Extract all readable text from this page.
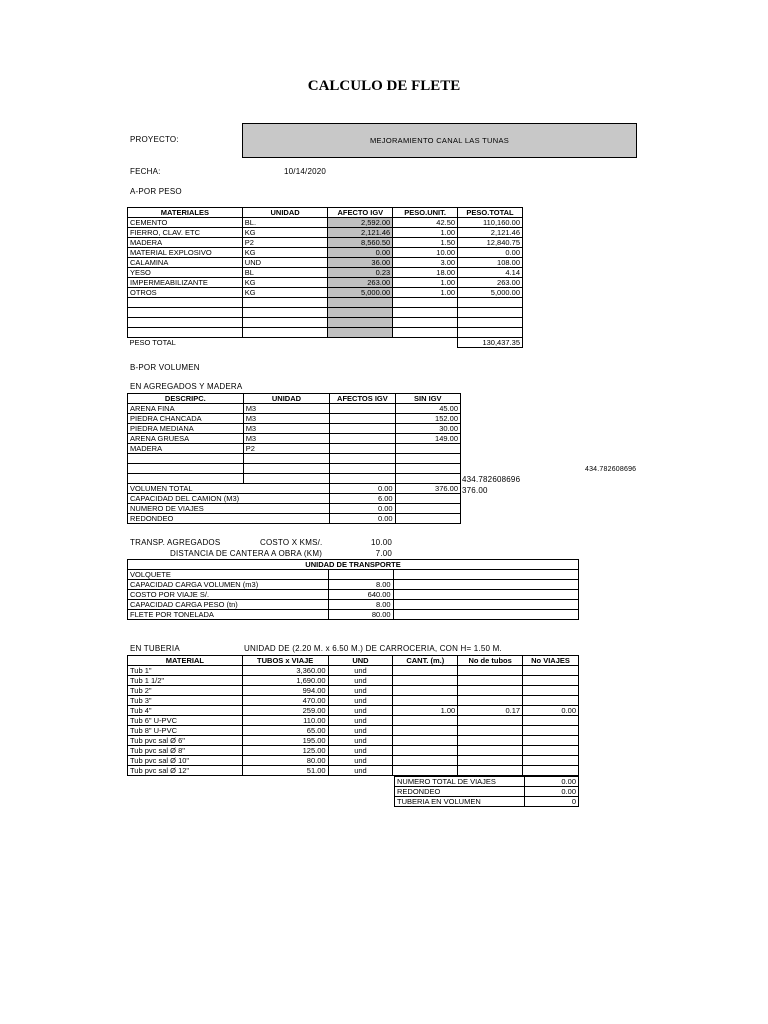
CALCULO DE FLETE
PROYECTO:	MEJORAMIENTO CANAL LAS TUNAS
FECHA:	10/14/2020
A-POR PESO
MATERIALES	UNIDAD	AFECTO IGV	PESO.UNIT.	PESO.TOTAL
CEMENTO	BL.	2,592.00	42.50	110,160.00
FIERRO, CLAV. ETC	KG	2,121.46	1.00	2,121.46
MADERA	P2	8,560.50	1.50	12,840.75
MATERIAL EXPLOSIVO	KG	0.00	10.00	0.00
CALAMINA	UND	36.00	3.00	108.00
YESO	BL	0.23	18.00	4.14
IMPERMEABILIZANTE	KG	263.00	1.00	263.00
OTROS	KG	5,000.00	1.00	5,000.00

PESO TOTAL				130,437.35
B-POR VOLUMEN
EN AGREGADOS Y MADERA
DESCRIPC.	UNIDAD	AFECTOS IGV	SIN IGV
ARENA FINA	M3		45.00
PIEDRA CHANCADA	M3		152.00
PIEDRA MEDIANA	M3		30.00
ARENA GRUESA	M3		149.00
MADERA	P2		

VOLUMEN TOTAL		0.00	376.00
CAPACIDAD DEL CAMION (M3)		6.00	
NUMERO DE VIAJES		0.00	
REDONDEO		0.00	
434.782608696
434.782608696
376.00
TRANSP. AGREGADOS	COSTO X KMS/.	10.00
DISTANCIA DE CANTERA A OBRA (KM)	7.00
UNIDAD DE TRANSPORTE		
VOLQUETE		
CAPACIDAD CARGA VOLUMEN (m3)	8.00	
COSTO POR VIAJE S/.	640.00	
CAPACIDAD CARGA PESO (tn)	8.00	
FLETE POR TONELADA	80.00	
EN TUBERIA	UNIDAD DE (2.20 M. x 6.50 M.) DE CARROCERIA, CON H= 1.50 M.
MATERIAL	TUBOS x VIAJE	UND	CANT. (m.)	No de tubos	No VIAJES
Tub 1"	3,360.00	und			
Tub 1 1/2"	1,690.00	und			
Tub 2"	994.00	und			
Tub 3"	470.00	und			
Tub 4"	259.00	und	1.00	0.17	0.00
Tub 6" U-PVC	110.00	und			
Tub 8" U-PVC	65.00	und			
Tub pvc sal Ø 6"	195.00	und			
Tub pvc sal Ø 8"	125.00	und			
Tub pvc sal Ø 10"	80.00	und			
Tub pvc sal Ø 12"	51.00	und			
NUMERO TOTAL DE VIAJES	0.00
REDONDEO	0.00
TUBERIA EN VOLUMEN	0
